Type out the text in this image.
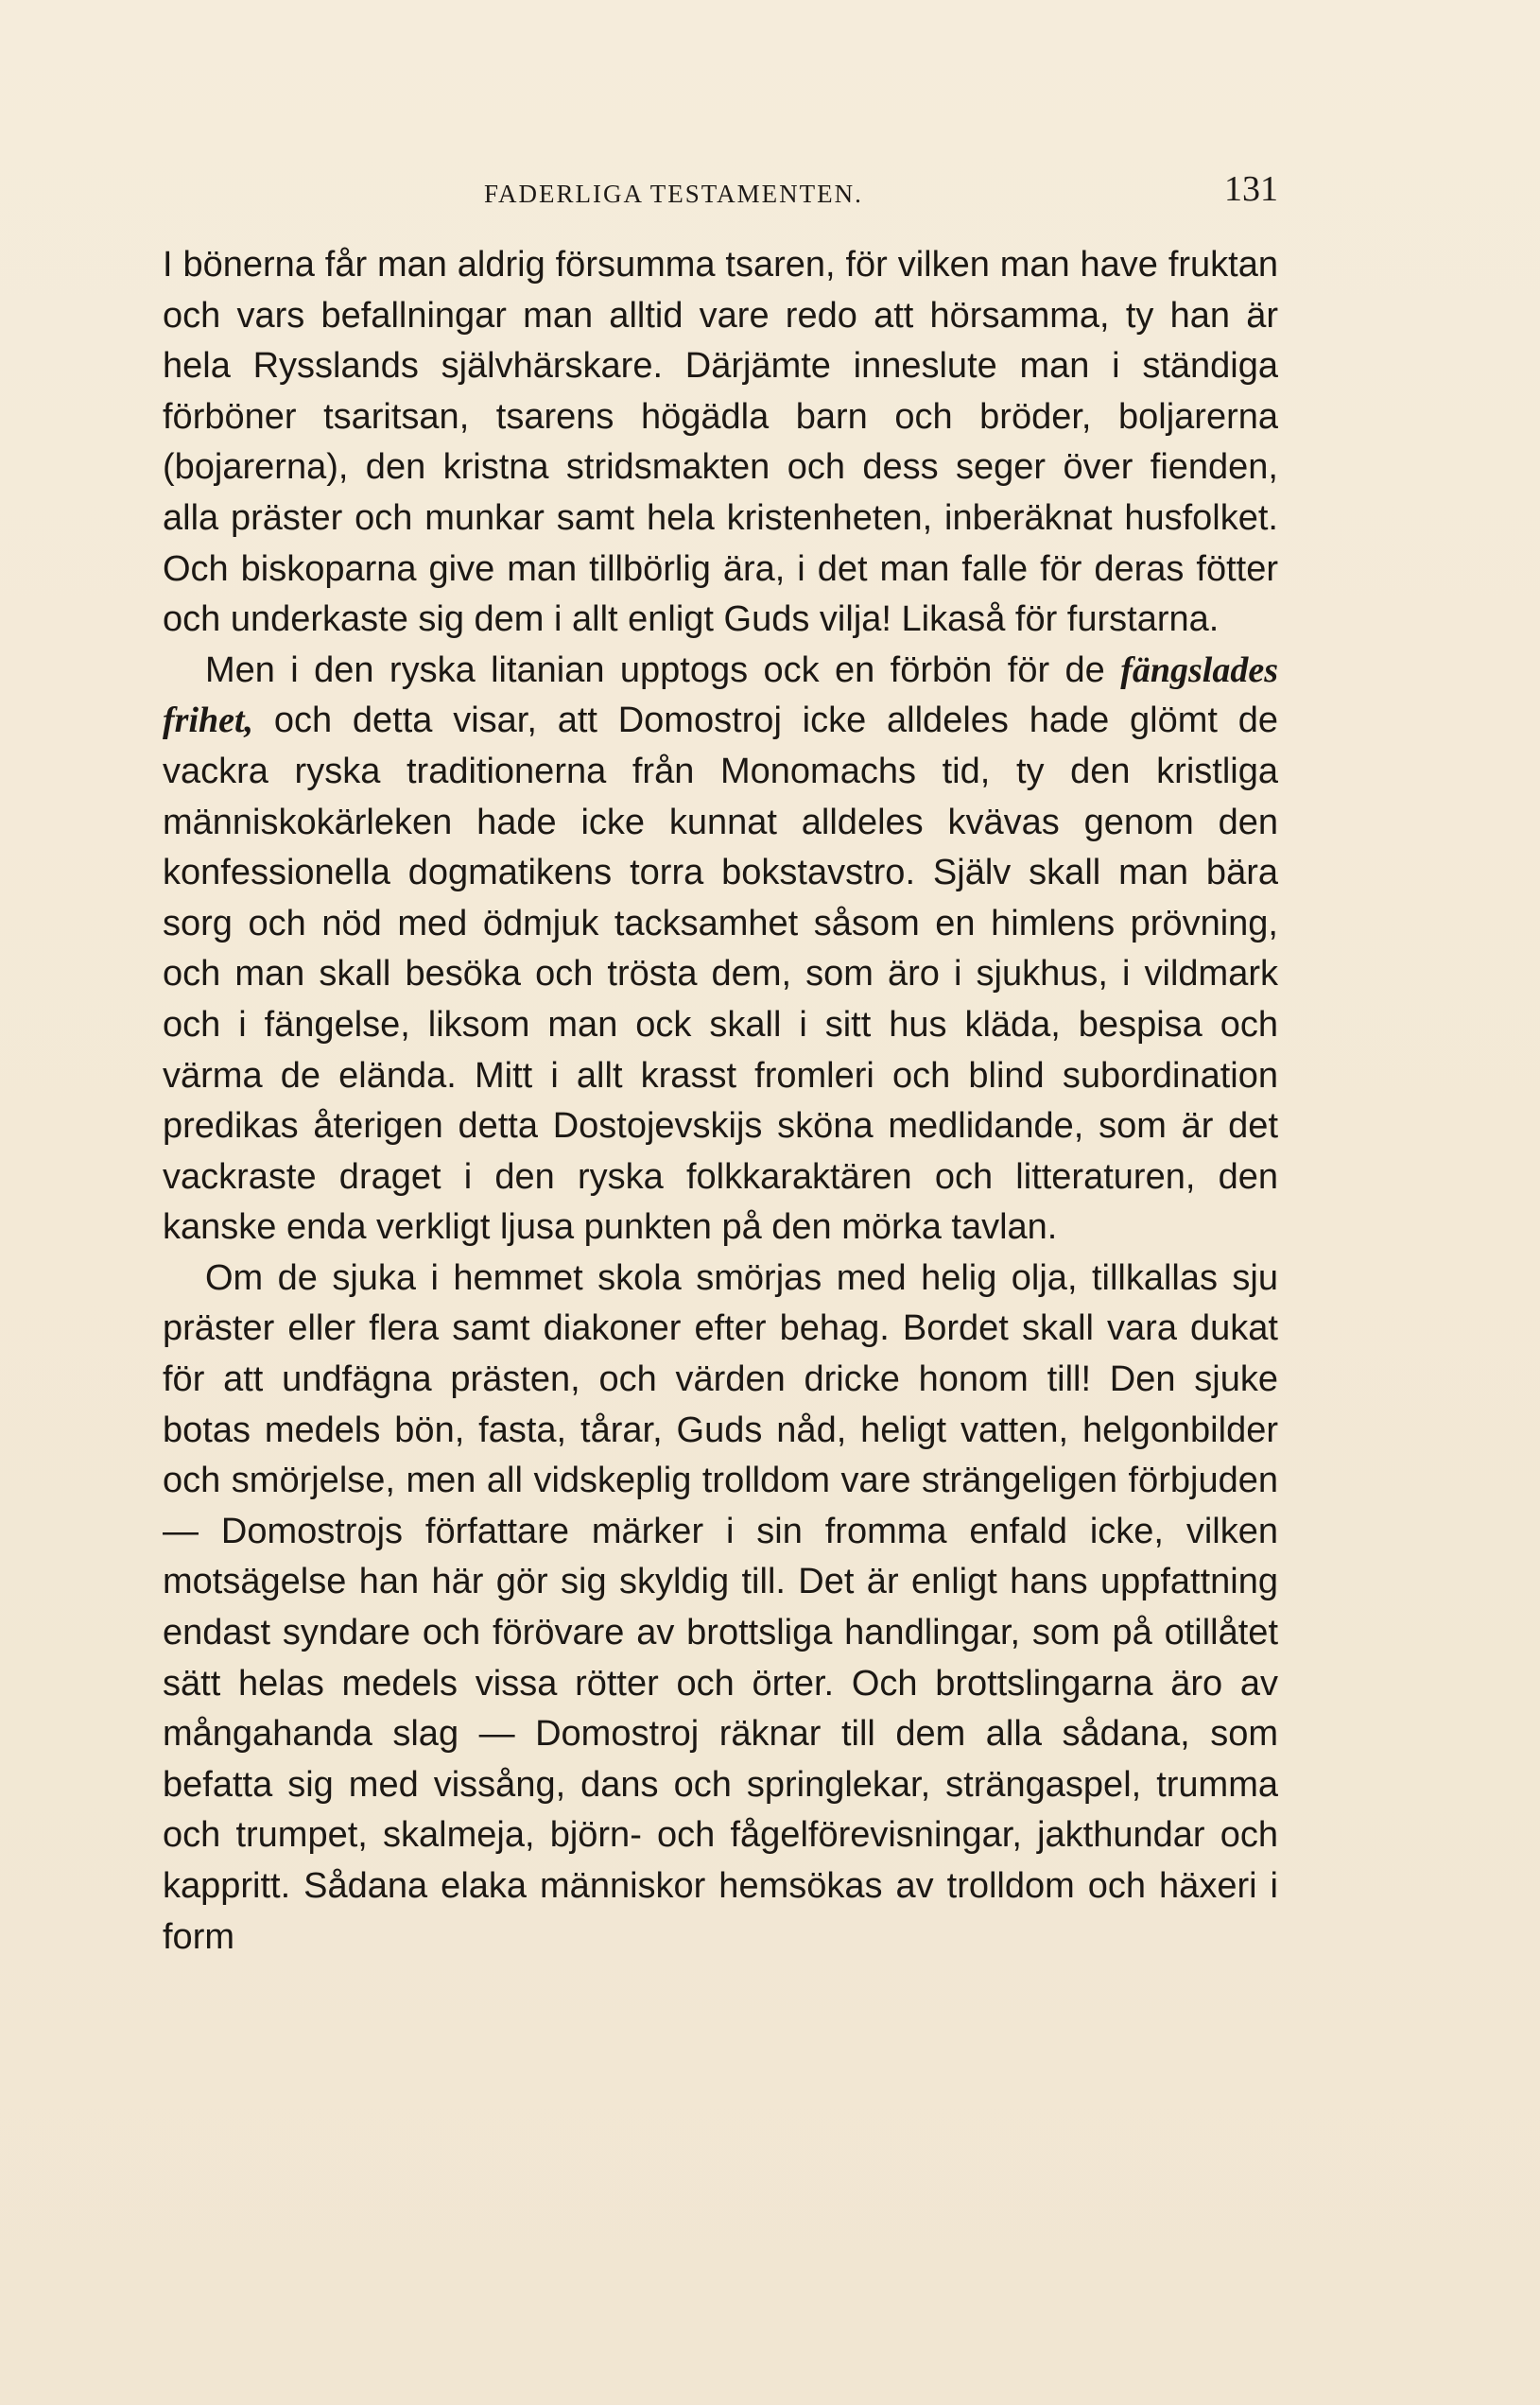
FADERLIGA TESTAMENTEN.	131

I bönerna får man aldrig försumma tsaren, för vilken man have fruktan och vars befallningar man alltid vare redo att hörsamma, ty han är hela Rysslands självhärskare. Därjämte inneslute man i ständiga förböner tsaritsan, tsarens högädla barn och bröder, boljarerna (bojarerna), den kristna stridsmakten och dess seger över fienden, alla präster och munkar samt hela kristenheten, inberäknat husfolket. Och biskoparna give man tillbörlig ära, i det man falle för deras fötter och underkaste sig dem i allt enligt Guds vilja! Likaså för furstarna.

Men i den ryska litanian upptogs ock en förbön för de fängslades frihet, och detta visar, att Domostroj icke alldeles hade glömt de vackra ryska traditionerna från Monomachs tid, ty den kristliga människokärleken hade icke kunnat alldeles kvävas genom den konfessionella dogmatikens torra bokstavstro. Själv skall man bära sorg och nöd med ödmjuk tacksamhet såsom en himlens prövning, och man skall besöka och trösta dem, som äro i sjukhus, i vildmark och i fängelse, liksom man ock skall i sitt hus kläda, bespisa och värma de elända. Mitt i allt krasst fromleri och blind subordination predikas återigen detta Dostojevskijs sköna medlidande, som är det vackraste draget i den ryska folkkaraktären och litteraturen, den kanske enda verkligt ljusa punkten på den mörka tavlan.

Om de sjuka i hemmet skola smörjas med helig olja, tillkallas sju präster eller flera samt diakoner efter behag. Bordet skall vara dukat för att undfägna prästen, och värden dricke honom till! Den sjuke botas medels bön, fasta, tårar, Guds nåd, heligt vatten, helgonbilder och smörjelse, men all vidskeplig trolldom vare strängeligen förbjuden — Domostrojs författare märker i sin fromma enfald icke, vilken motsägelse han här gör sig skyldig till. Det är enligt hans uppfattning endast syndare och förövare av brottsliga handlingar, som på otillåtet sätt helas medels vissa rötter och örter. Och brottslingarna äro av mångahanda slag — Domostroj räknar till dem alla sådana, som befatta sig med vissång, dans och springlekar, strängaspel, trumma och trumpet, skalmeja, björn- och fågelförevisningar, jakthundar och kappritt. Sådana elaka människor hemsökas av trolldom och häxeri i form
